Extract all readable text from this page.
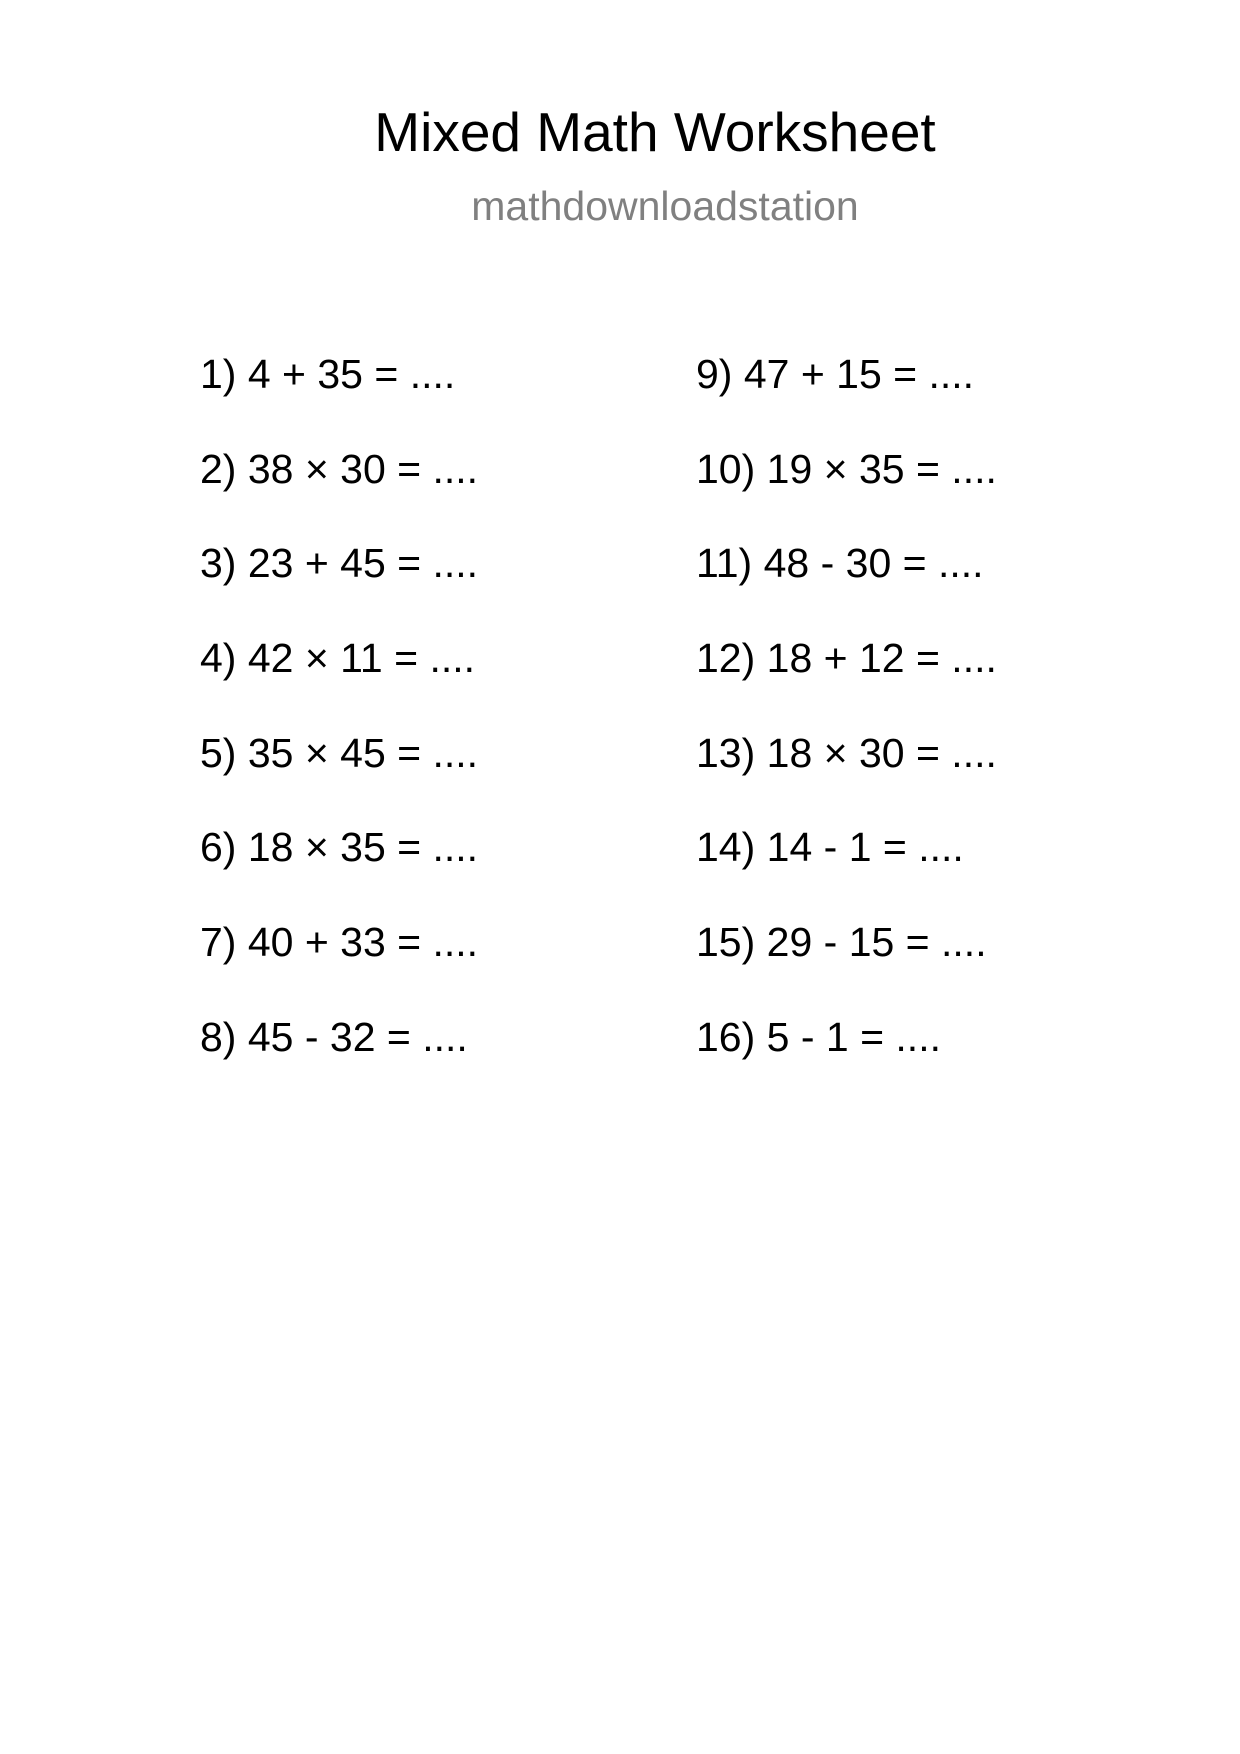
Mixed Math Worksheet
mathdownloadstation
1) 4 + 35 = ....
2) 38 × 30 = ....
3) 23 + 45 = ....
4) 42 × 11 = ....
5) 35 × 45 = ....
6) 18 × 35 = ....
7) 40 + 33 = ....
8) 45 - 32 = ....
9) 47 + 15 = ....
10) 19 × 35 = ....
11) 48 - 30 = ....
12) 18 + 12 = ....
13) 18 × 30 = ....
14) 14 - 1 = ....
15) 29 - 15 = ....
16) 5 - 1 = ....
